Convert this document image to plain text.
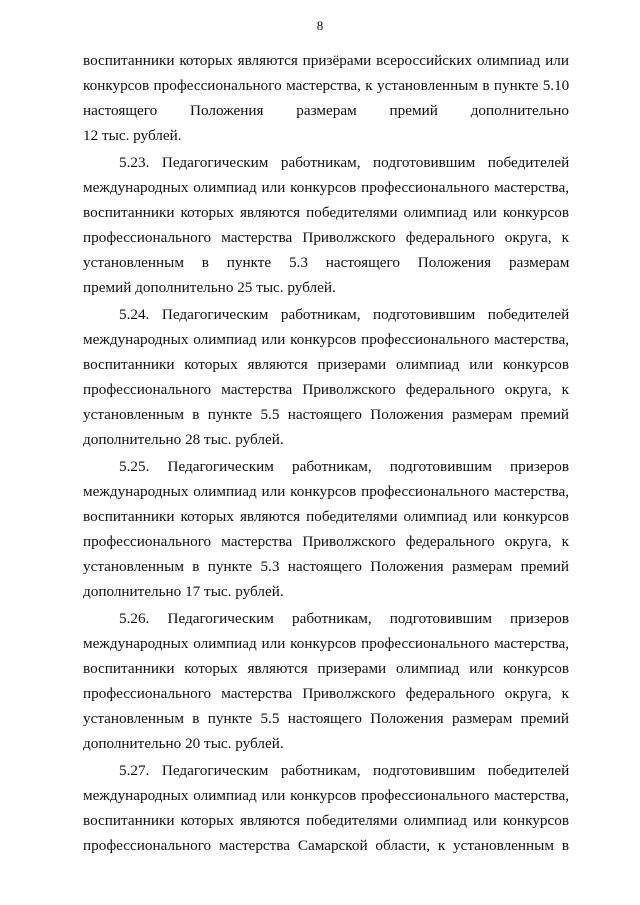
8
воспитанники которых являются призёрами всероссийских олимпиад или
конкурсов профессионального мастерства, к установленным в пункте 5.10
настоящего Положения размерам премий дополнительно
12 тыс. рублей.
5.23. Педагогическим работникам, подготовившим победителей
международных олимпиад или конкурсов профессионального мастерства,
воспитанники которых являются победителями олимпиад или конкурсов
профессионального мастерства Приволжского федерального округа, к
установленным в пункте 5.3 настоящего Положения размерам
премий дополнительно 25 тыс. рублей.
5.24. Педагогическим работникам, подготовившим победителей
международных олимпиад или конкурсов профессионального мастерства,
воспитанники которых являются призерами олимпиад или конкурсов
профессионального мастерства Приволжского федерального округа, к
установленным в пункте 5.5 настоящего Положения размерам премий
дополнительно 28 тыс. рублей.
5.25. Педагогическим работникам, подготовившим призеров
международных олимпиад или конкурсов профессионального мастерства,
воспитанники которых являются победителями олимпиад или конкурсов
профессионального мастерства Приволжского федерального округа, к
установленным в пункте 5.3 настоящего Положения размерам премий
дополнительно 17 тыс. рублей.
5.26. Педагогическим работникам, подготовившим призеров
международных олимпиад или конкурсов профессионального мастерства,
воспитанники которых являются призерами олимпиад или конкурсов
профессионального мастерства Приволжского федерального округа, к
установленным в пункте 5.5 настоящего Положения размерам премий
дополнительно 20 тыс. рублей.
5.27. Педагогическим работникам, подготовившим победителей
международных олимпиад или конкурсов профессионального мастерства,
воспитанники которых являются победителями олимпиад или конкурсов
профессионального мастерства Самарской области, к установленным в
